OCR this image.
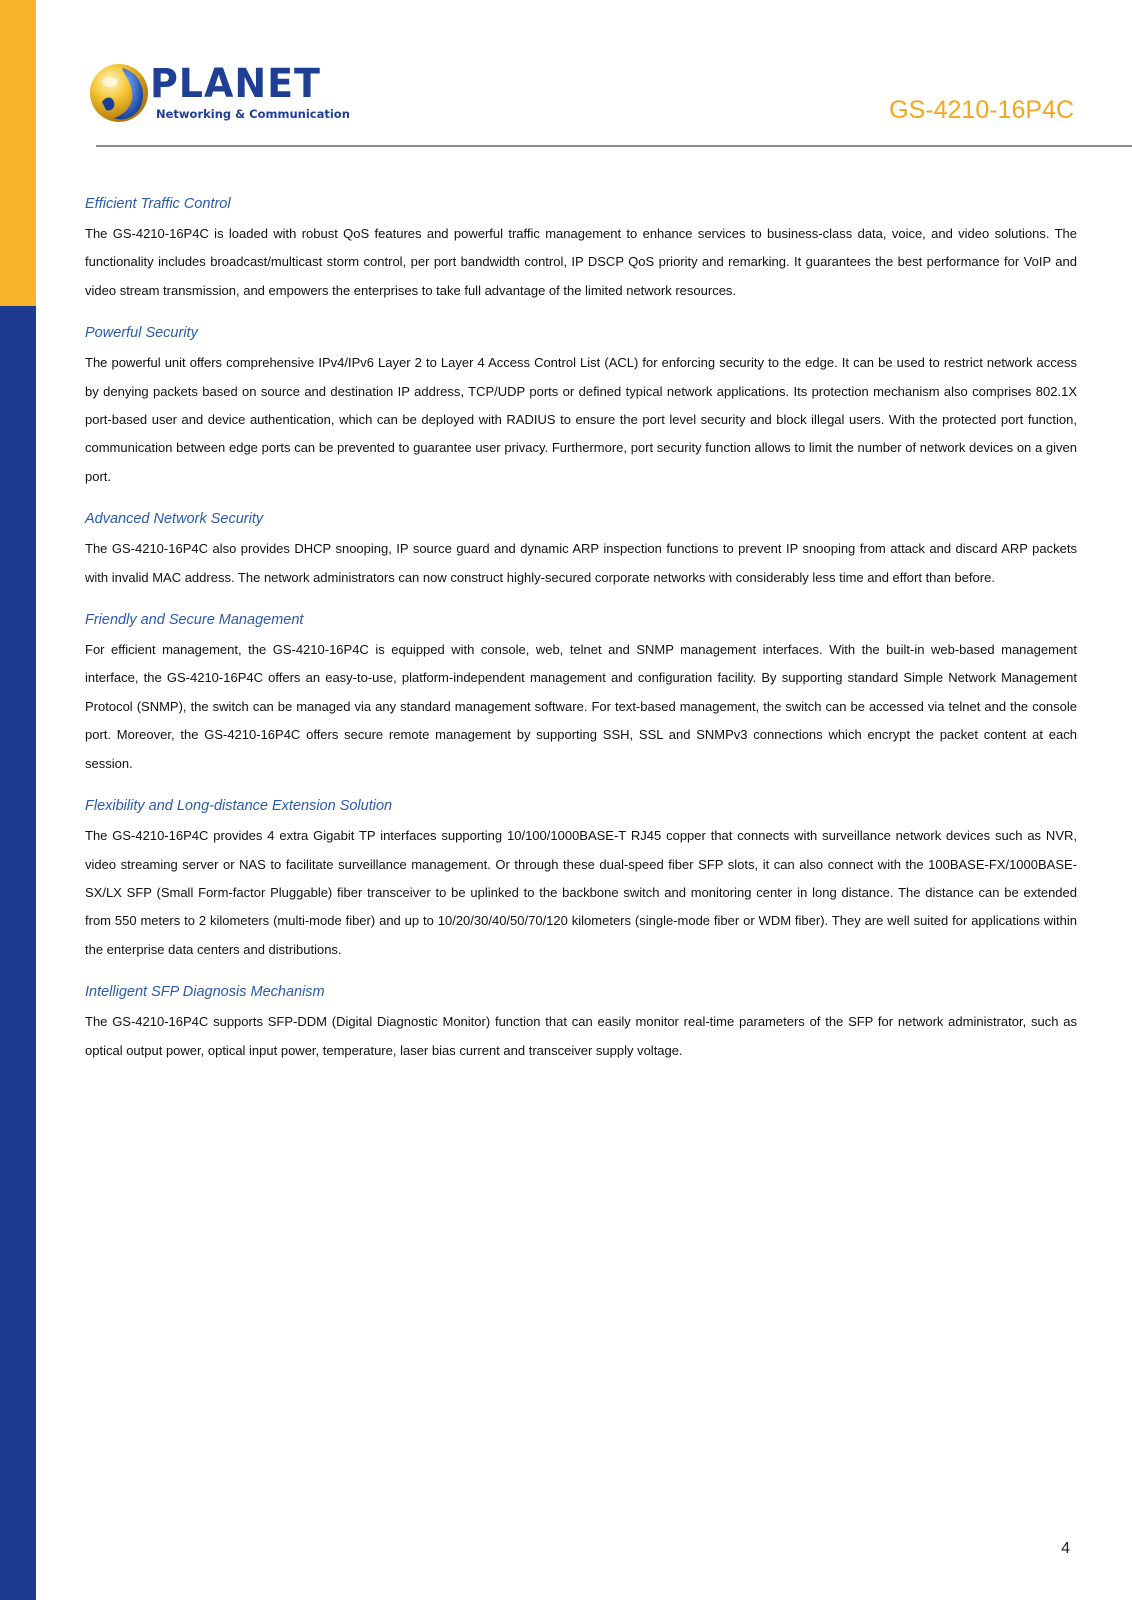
PLANET
Networking & Communication	GS-4210-16P4C
Efficient Traffic Control

The GS-4210-16P4C is loaded with robust QoS features and powerful traffic management to enhance services to business-class data, voice, and video solutions. The functionality includes broadcast/multicast storm control, per port bandwidth control, IP DSCP QoS priority and remarking. It guarantees the best performance for VoIP and video stream transmission, and empowers the enterprises to take full advantage of the limited network resources.

Powerful Security

The powerful unit offers comprehensive IPv4/IPv6 Layer 2 to Layer 4 Access Control List (ACL) for enforcing security to the edge. It can be used to restrict network access by denying packets based on source and destination IP address, TCP/UDP ports or defined typical network applications. Its protection mechanism also comprises 802.1X port-based user and device authentication, which can be deployed with RADIUS to ensure the port level security and block illegal users. With the protected port function, communication between edge ports can be prevented to guarantee user privacy. Furthermore, port security function allows to limit the number of network devices on a given port.

Advanced Network Security

The GS-4210-16P4C also provides DHCP snooping, IP source guard and dynamic ARP inspection functions to prevent IP snooping from attack and discard ARP packets with invalid MAC address. The network administrators can now construct highly-secured corporate networks with considerably less time and effort than before.

Friendly and Secure Management

For efficient management, the GS-4210-16P4C is equipped with console, web, telnet and SNMP management interfaces. With the built-in web-based management interface, the GS-4210-16P4C offers an easy-to-use, platform-independent management and configuration facility. By supporting standard Simple Network Management Protocol (SNMP), the switch can be managed via any standard management software. For text-based management, the switch can be accessed via telnet and the console port. Moreover, the GS-4210-16P4C offers secure remote management by supporting SSH, SSL and SNMPv3 connections which encrypt the packet content at each session.

Flexibility and Long-distance Extension Solution

The GS-4210-16P4C provides 4 extra Gigabit TP interfaces supporting 10/100/1000BASE-T RJ45 copper that connects with surveillance network devices such as NVR, video streaming server or NAS to facilitate surveillance management. Or through these dual-speed fiber SFP slots, it can also connect with the 100BASE-FX/1000BASE-SX/LX SFP (Small Form-factor Pluggable) fiber transceiver to be uplinked to the backbone switch and monitoring center in long distance. The distance can be extended from 550 meters to 2 kilometers (multi-mode fiber) and up to 10/20/30/40/50/70/120 kilometers (single-mode fiber or WDM fiber). They are well suited for applications within the enterprise data centers and distributions.

Intelligent SFP Diagnosis Mechanism

The GS-4210-16P4C supports SFP-DDM (Digital Diagnostic Monitor) function that can easily monitor real-time parameters of the SFP for network administrator, such as optical output power, optical input power, temperature, laser bias current and transceiver supply voltage.

4
